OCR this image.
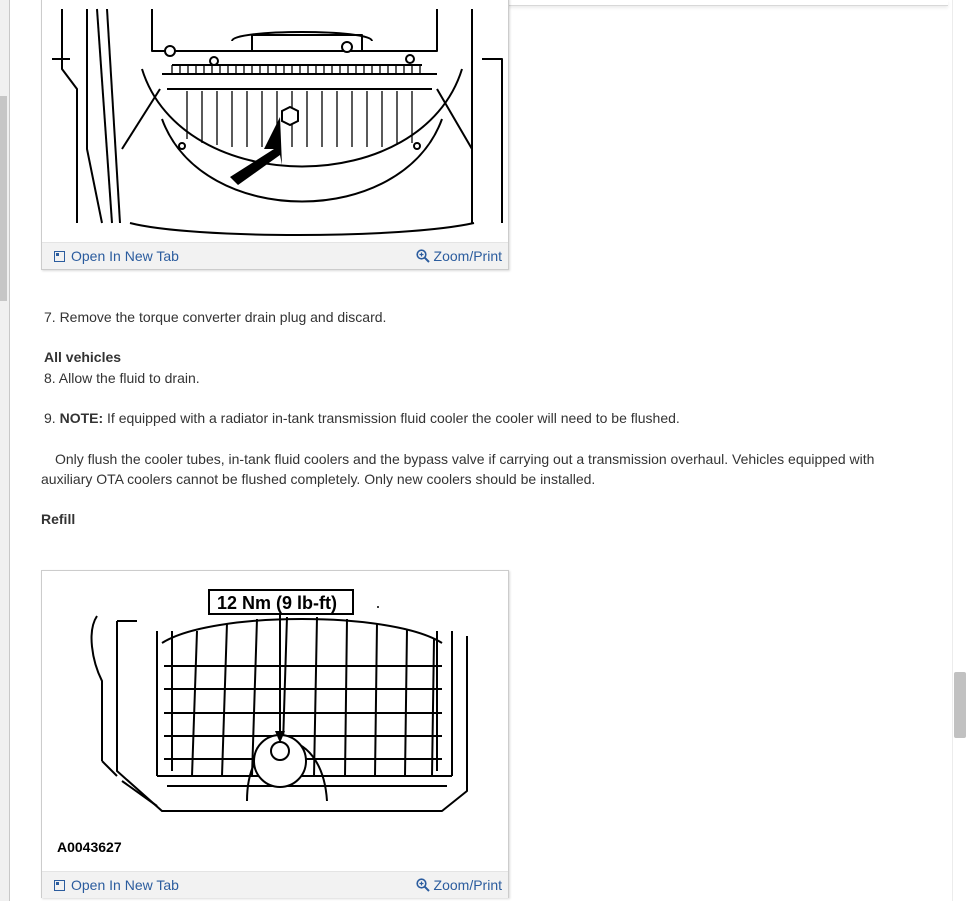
Open In New Tab	Zoom/Print
7. Remove the torque converter drain plug and discard.
All vehicles
8. Allow the fluid to drain.
9. NOTE: If equipped with a radiator in-tank transmission fluid cooler the cooler will need to be flushed.
Only flush the cooler tubes, in-tank fluid coolers and the bypass valve if carrying out a transmission overhaul. Vehicles equipped with
auxiliary OTA coolers cannot be flushed completely. Only new coolers should be installed.
Refill
12 Nm (9 lb-ft)
A0043627
Open In New Tab	Zoom/Print
